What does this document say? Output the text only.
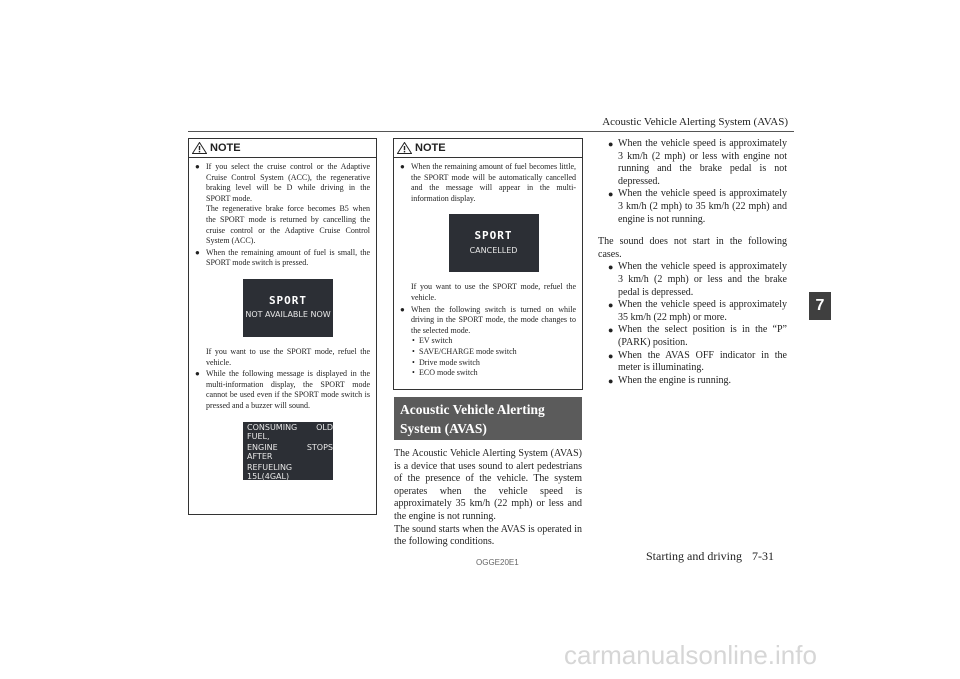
Acoustic Vehicle Alerting System (AVAS)
7
NOTE
● If you select the cruise control or the Adaptive Cruise Control System (ACC), the regenerative braking level will be D while driving in the SPORT mode.

The regenerative brake force becomes B5 when the SPORT mode is returned by cancelling the cruise control or the Adaptive Cruise Control System (ACC).

● When the remaining amount of fuel is small, the SPORT mode switch is pressed.

SPORT
NOT AVAILABLE NOW

If you want to use the SPORT mode, refuel the vehicle.

● While the following message is displayed in the multi-information display, the SPORT mode cannot be used even if the SPORT mode switch is pressed and a buzzer will sound.

CONSUMING OLD FUEL,
ENGINE STOPS AFTER
REFUELING 15L(4GAL)
NOTE
● When the remaining amount of fuel becomes little, the SPORT mode will be automatically cancelled and the message will appear in the multi-information display.

SPORT
CANCELLED

If you want to use the SPORT mode, refuel the vehicle.

● When the following switch is turned on while driving in the SPORT mode, the mode changes to the selected mode.

• EV switch
• SAVE/CHARGE mode switch
• Drive mode switch
• ECO mode switch
Acoustic Vehicle Alerting
System (AVAS)

The Acoustic Vehicle Alerting System (AVAS) is a device that uses sound to alert pedestrians of the presence of the vehicle. The system operates when the vehicle speed is approximately 35 km/h (22 mph) or less and the engine is not running.

The sound starts when the AVAS is operated in the following conditions.

● When the vehicle speed is approximately 3 km/h (2 mph) or less with engine not running and the brake pedal is not depressed.
● When the vehicle speed is approximately 3 km/h (2 mph) to 35 km/h (22 mph) and engine is not running.

The sound does not start in the following cases.

● When the vehicle speed is approximately 3 km/h (2 mph) or less and the brake pedal is depressed.
● When the vehicle speed is approximately 35 km/h (22 mph) or more.
● When the select position is in the “P” (PARK) position.
● When the AVAS OFF indicator in the meter is illuminating.
● When the engine is running.
OGGE20E1	Starting and driving 7-31
carmanualsonline.info
